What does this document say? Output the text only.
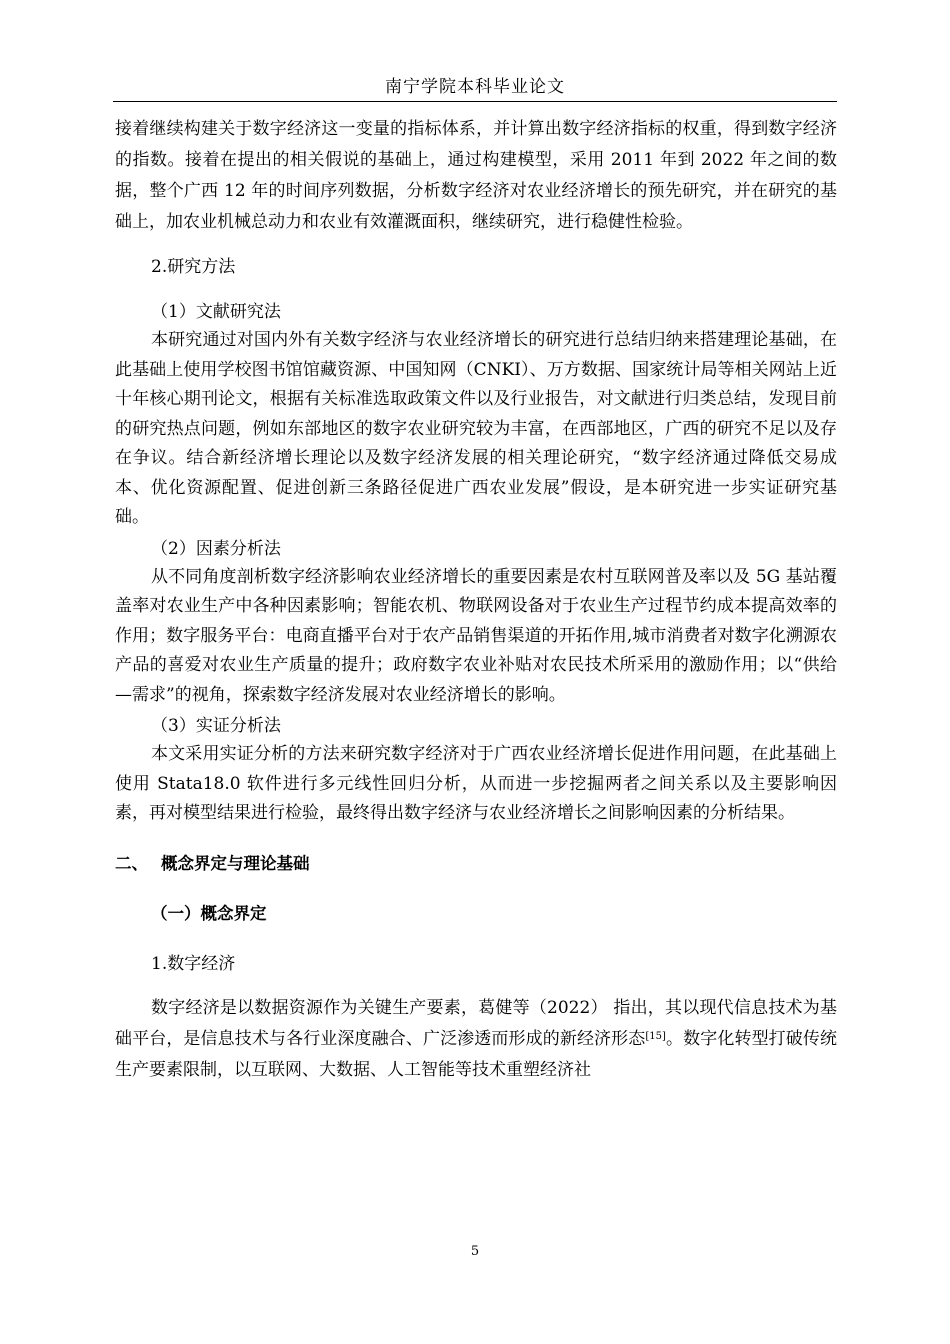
南宁学院本科毕业论文

接着继续构建关于数字经济这一变量的指标体系，并计算出数字经济指标的权重，得到数字经济的指数。接着在提出的相关假说的基础上，通过构建模型，采用 2011 年到 2022 年之间的数据，整个广西 12 年的时间序列数据，分析数字经济对农业经济增长的预先研究，并在研究的基础上，加农业机械总动力和农业有效灌溉面积，继续研究，进行稳健性检验。

2.研究方法

（1）文献研究法

本研究通过对国内外有关数字经济与农业经济增长的研究进行总结归纳来搭建理论基础，在此基础上使用学校图书馆馆藏资源、中国知网（CNKI）、万方数据、国家统计局等相关网站上近十年核心期刊论文，根据有关标准选取政策文件以及行业报告，对文献进行归类总结，发现目前的研究热点问题，例如东部地区的数字农业研究较为丰富，在西部地区，广西的研究不足以及存在争议。结合新经济增长理论以及数字经济发展的相关理论研究，“数字经济通过降低交易成本、优化资源配置、促进创新三条路径促进广西农业发展”假设，是本研究进一步实证研究基础。

（2）因素分析法

从不同角度剖析数字经济影响农业经济增长的重要因素是农村互联网普及率以及 5G 基站覆盖率对农业生产中各种因素影响；智能农机、物联网设备对于农业生产过程节约成本提高效率的作用；数字服务平台：电商直播平台对于农产品销售渠道的开拓作用,城市消费者对数字化溯源农产品的喜爱对农业生产质量的提升；政府数字农业补贴对农民技术所采用的激励作用；以“供给—需求”的视角，探索数字经济发展对农业经济增长的影响。

（3）实证分析法

本文采用实证分析的方法来研究数字经济对于广西农业经济增长促进作用问题，在此基础上使用 Stata18.0 软件进行多元线性回归分析，从而进一步挖掘两者之间关系以及主要影响因素，再对模型结果进行检验，最终得出数字经济与农业经济增长之间影响因素的分析结果。

二、 概念界定与理论基础

（一）概念界定

1.数字经济

数字经济是以数据资源作为关键生产要素，葛健等（2022） 指出，其以现代信息技术为基础平台，是信息技术与各行业深度融合、广泛渗透而形成的新经济形态[15]。数字化转型打破传统生产要素限制，以互联网、大数据、人工智能等技术重塑经济社

5
